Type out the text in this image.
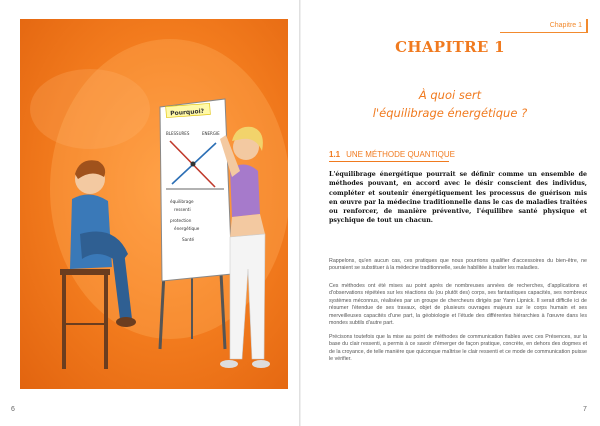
Pourquoi?
BLESSURES	ENERGIE
équilibrage
ressenti
protection
énergétique
Santé
6
Chapitre 1
CHAPITRE 1
À quoi sert
l'équilibrage énergétique ?
1.1 UNE MÉTHODE QUANTIQUE

L'équilibrage énergétique pourrait se définir comme un ensemble de méthodes pouvant, en accord avec le désir conscient des individus, compléter et soutenir énergétiquement les processus de guérison mis en œuvre par la médecine traditionnelle dans le cas de maladies traitées ou renforcer, de manière préventive, l'équilibre santé physique et psychique de tout un chacun.

Rappelons, qu'en aucun cas, ces pratiques que nous pourrions qualifier d'accessoires du bien-être, ne pourraient se substituer à la médecine traditionnelle, seule habilitée à traiter les maladies.

Ces méthodes ont été mises au point après de nombreuses années de recherches, d'applications et d'observations répétées sur les réactions du (ou plutôt des) corps, ses fantastiques capacités, ses nombreux systèmes méconnus, réalisées par un groupe de chercheurs dirigés par Yann Lipnick. Il serait difficile ici de résumer l'étendue de ses travaux, objet de plusieurs ouvrages majeurs sur le corps humain et ses merveilleuses capacités d'une part, la géobiologie et l'étude des différentes hiérarchies à l'œuvre dans les mondes subtils d'autre part.

Précisons toutefois que la mise au point de méthodes de communication fiables avec ces Présences, sur la base du clair ressenti, a permis à ce savoir d'émerger de façon pratique, concrète, en dehors des dogmes et de la croyance, de telle manière que quiconque maîtrise le clair ressenti et ce mode de communication puisse le vérifier.

7
